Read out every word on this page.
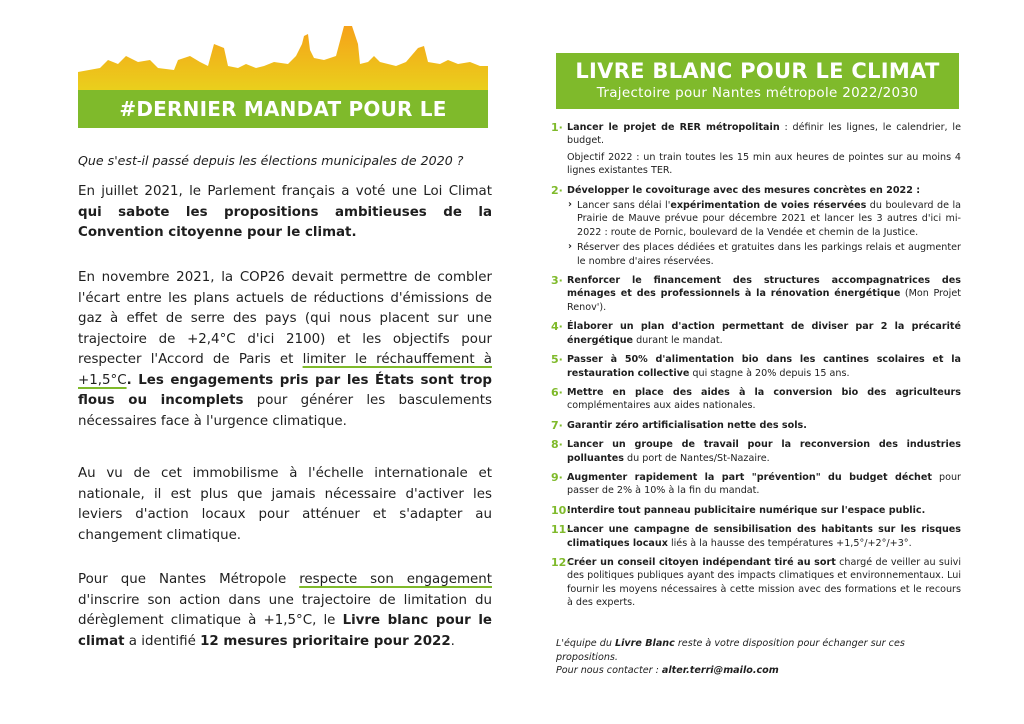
#DERNIER MANDAT POUR LE CLIMAT
Que s'est-il passé depuis les élections municipales de 2020 ?
En juillet 2021, le Parlement français a voté une Loi Climat qui sabote les propositions ambitieuses de la Convention citoyenne pour le climat.
En novembre 2021, la COP26 devait permettre de combler l'écart entre les plans actuels de réductions d'émissions de gaz à effet de serre des pays (qui nous placent sur une trajectoire de +2,4°C d'ici 2100) et les objectifs pour respecter l'Accord de Paris et limiter le réchauffement à +1,5°C. Les engagements pris par les États sont trop flous ou incomplets pour générer les basculements nécessaires face à l'urgence climatique.
Au vu de cet immobilisme à l'échelle internationale et nationale, il est plus que jamais nécessaire d'activer les leviers d'action locaux pour atténuer et s'adapter au changement climatique.
Pour que Nantes Métropole respecte son engagement d'inscrire son action dans une trajectoire de limitation du dérèglement climatique à +1,5°C, le Livre blanc pour le climat a identifié 12 mesures prioritaire pour 2022.
LIVRE BLANC POUR LE CLIMAT
Trajectoire pour Nantes métropole 2022/2030
1· Lancer le projet de RER métropolitain : définir les lignes, le calendrier, le budget.
Objectif 2022 : un train toutes les 15 min aux heures de pointes sur au moins 4 lignes existantes TER.
2· Développer le covoiturage avec des mesures concrètes en 2022 :
› Lancer sans délai l'expérimentation de voies réservées du boulevard de la Prairie de Mauve prévue pour décembre 2021 et lancer les 3 autres d'ici mi-2022 : route de Pornic, boulevard de la Vendée et chemin de la Justice.
› Réserver des places dédiées et gratuites dans les parkings relais et augmenter le nombre d'aires réservées.
3· Renforcer le financement des structures accompagnatrices des ménages et des professionnels à la rénovation énergétique (Mon Projet Renov').
4· Élaborer un plan d'action permettant de diviser par 2 la précarité énergétique durant le mandat.
5· Passer à 50% d'alimentation bio dans les cantines scolaires et la restauration collective qui stagne à 20% depuis 15 ans.
6· Mettre en place des aides à la conversion bio des agriculteurs complémentaires aux aides nationales.
7· Garantir zéro artificialisation nette des sols.
8· Lancer un groupe de travail pour la reconversion des industries polluantes du port de Nantes/St-Nazaire.
9· Augmenter rapidement la part "prévention" du budget déchet pour passer de 2% à 10% à la fin du mandat.
10·
Interdire tout panneau publicitaire numérique sur l'espace public.
11·
Lancer une campagne de sensibilisation des habitants sur les risques climatiques locaux liés à la hausse des températures +1,5°/+2°/+3°.
12·
Créer un conseil citoyen indépendant tiré au sort chargé de veiller au suivi des politiques publiques ayant des impacts climatiques et environnementaux. Lui fournir les moyens nécessaires à cette mission avec des formations et le recours à des experts.
L'équipe du Livre Blanc reste à votre disposition pour échanger sur ces propositions.
Pour nous contacter : alter.terri@mailo.com
